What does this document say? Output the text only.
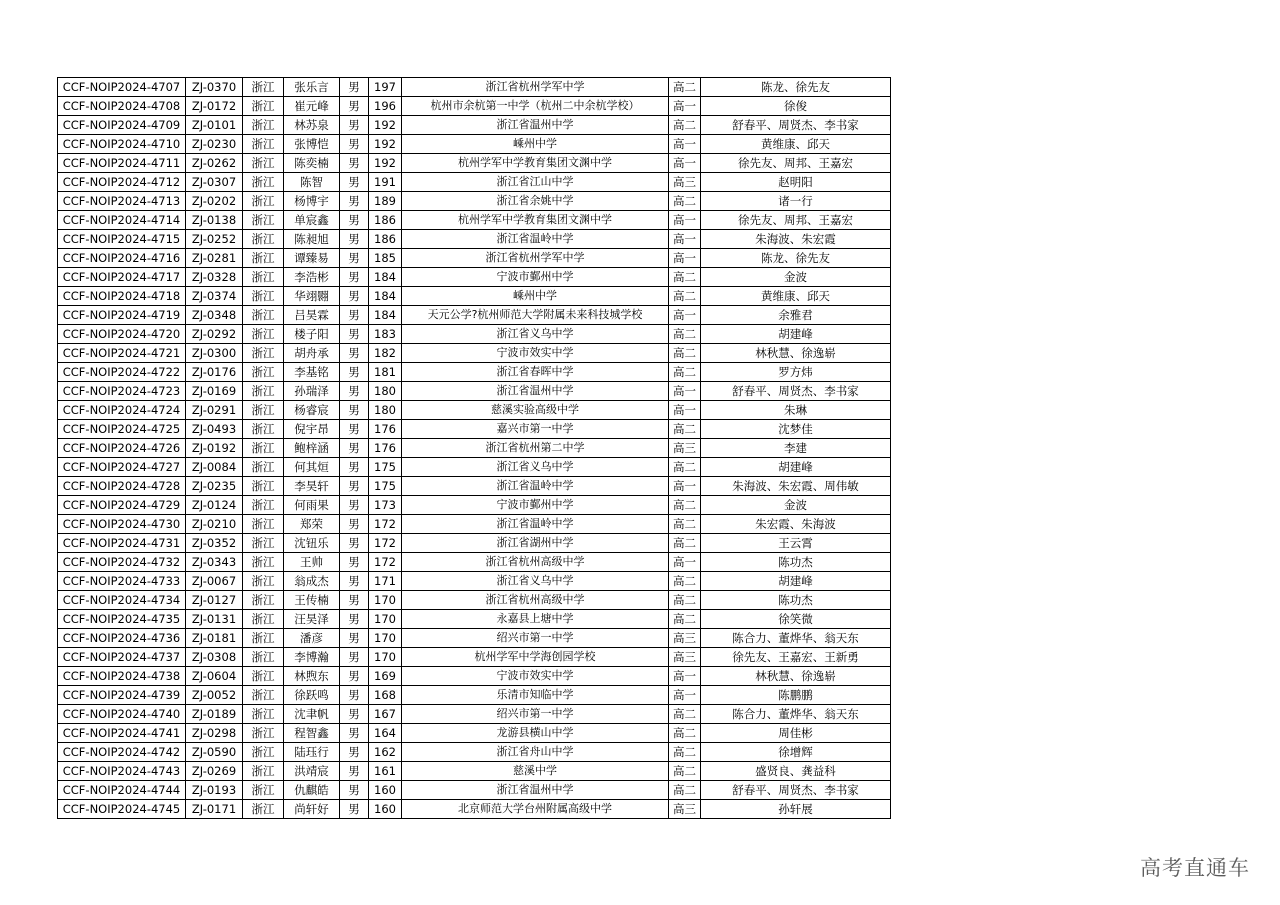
CCF-NOIP2024-4707	ZJ-0370	浙江	张乐言	男	197	浙江省杭州学军中学	高二	陈龙、徐先友
CCF-NOIP2024-4708	ZJ-0172	浙江	崔元峰	男	196	杭州市余杭第一中学（杭州二中余杭学校）	高一	徐俊
CCF-NOIP2024-4709	ZJ-0101	浙江	林苏泉	男	192	浙江省温州中学	高二	舒春平、周贤杰、李书家
CCF-NOIP2024-4710	ZJ-0230	浙江	张博恺	男	192	嵊州中学	高一	黄维康、邱天
CCF-NOIP2024-4711	ZJ-0262	浙江	陈奕楠	男	192	杭州学军中学教育集团文渊中学	高一	徐先友、周邦、王嘉宏
CCF-NOIP2024-4712	ZJ-0307	浙江	陈智	男	191	浙江省江山中学	高三	赵明阳
CCF-NOIP2024-4713	ZJ-0202	浙江	杨博宇	男	189	浙江省余姚中学	高二	诸一行
CCF-NOIP2024-4714	ZJ-0138	浙江	单宸鑫	男	186	杭州学军中学教育集团文渊中学	高一	徐先友、周邦、王嘉宏
CCF-NOIP2024-4715	ZJ-0252	浙江	陈昶旭	男	186	浙江省温岭中学	高一	朱海波、朱宏霞
CCF-NOIP2024-4716	ZJ-0281	浙江	谭臻易	男	185	浙江省杭州学军中学	高一	陈龙、徐先友
CCF-NOIP2024-4717	ZJ-0328	浙江	李浩彬	男	184	宁波市鄞州中学	高二	金波
CCF-NOIP2024-4718	ZJ-0374	浙江	华翊翾	男	184	嵊州中学	高二	黄维康、邱天
CCF-NOIP2024-4719	ZJ-0348	浙江	吕昊霖	男	184	天元公学?杭州师范大学附属未来科技城学校	高一	余雅君
CCF-NOIP2024-4720	ZJ-0292	浙江	楼子阳	男	183	浙江省义乌中学	高二	胡建峰
CCF-NOIP2024-4721	ZJ-0300	浙江	胡舟承	男	182	宁波市效实中学	高二	林秋慧、徐逸崭
CCF-NOIP2024-4722	ZJ-0176	浙江	李基铭	男	181	浙江省春晖中学	高二	罗方炜
CCF-NOIP2024-4723	ZJ-0169	浙江	孙瑞泽	男	180	浙江省温州中学	高一	舒春平、周贤杰、李书家
CCF-NOIP2024-4724	ZJ-0291	浙江	杨睿宸	男	180	慈溪实验高级中学	高一	朱琳
CCF-NOIP2024-4725	ZJ-0493	浙江	倪宇昂	男	176	嘉兴市第一中学	高二	沈梦佳
CCF-NOIP2024-4726	ZJ-0192	浙江	鲍梓涵	男	176	浙江省杭州第二中学	高三	李建
CCF-NOIP2024-4727	ZJ-0084	浙江	何其烜	男	175	浙江省义乌中学	高二	胡建峰
CCF-NOIP2024-4728	ZJ-0235	浙江	李昊轩	男	175	浙江省温岭中学	高一	朱海波、朱宏霞、周伟敏
CCF-NOIP2024-4729	ZJ-0124	浙江	何雨果	男	173	宁波市鄞州中学	高二	金波
CCF-NOIP2024-4730	ZJ-0210	浙江	郑荣	男	172	浙江省温岭中学	高二	朱宏霞、朱海波
CCF-NOIP2024-4731	ZJ-0352	浙江	沈钮乐	男	172	浙江省湖州中学	高二	王云霄
CCF-NOIP2024-4732	ZJ-0343	浙江	王帅	男	172	浙江省杭州高级中学	高一	陈功杰
CCF-NOIP2024-4733	ZJ-0067	浙江	翁成杰	男	171	浙江省义乌中学	高二	胡建峰
CCF-NOIP2024-4734	ZJ-0127	浙江	王传楠	男	170	浙江省杭州高级中学	高二	陈功杰
CCF-NOIP2024-4735	ZJ-0131	浙江	汪昊泽	男	170	永嘉县上塘中学	高二	徐笑微
CCF-NOIP2024-4736	ZJ-0181	浙江	潘彦	男	170	绍兴市第一中学	高三	陈合力、董烨华、翁天东
CCF-NOIP2024-4737	ZJ-0308	浙江	李博瀚	男	170	杭州学军中学海创园学校	高三	徐先友、王嘉宏、王新勇
CCF-NOIP2024-4738	ZJ-0604	浙江	林煦东	男	169	宁波市效实中学	高一	林秋慧、徐逸崭
CCF-NOIP2024-4739	ZJ-0052	浙江	徐跃鸣	男	168	乐清市知临中学	高一	陈鹏鹏
CCF-NOIP2024-4740	ZJ-0189	浙江	沈聿帆	男	167	绍兴市第一中学	高二	陈合力、董烨华、翁天东
CCF-NOIP2024-4741	ZJ-0298	浙江	程智鑫	男	164	龙游县横山中学	高二	周佳彬
CCF-NOIP2024-4742	ZJ-0590	浙江	陆珏行	男	162	浙江省舟山中学	高二	徐增辉
CCF-NOIP2024-4743	ZJ-0269	浙江	洪靖宸	男	161	慈溪中学	高二	盛贤良、龚益科
CCF-NOIP2024-4744	ZJ-0193	浙江	仇麒皓	男	160	浙江省温州中学	高二	舒春平、周贤杰、李书家
CCF-NOIP2024-4745	ZJ-0171	浙江	尚轩好	男	160	北京师范大学台州附属高级中学	高三	孙轩展
高考直通车
